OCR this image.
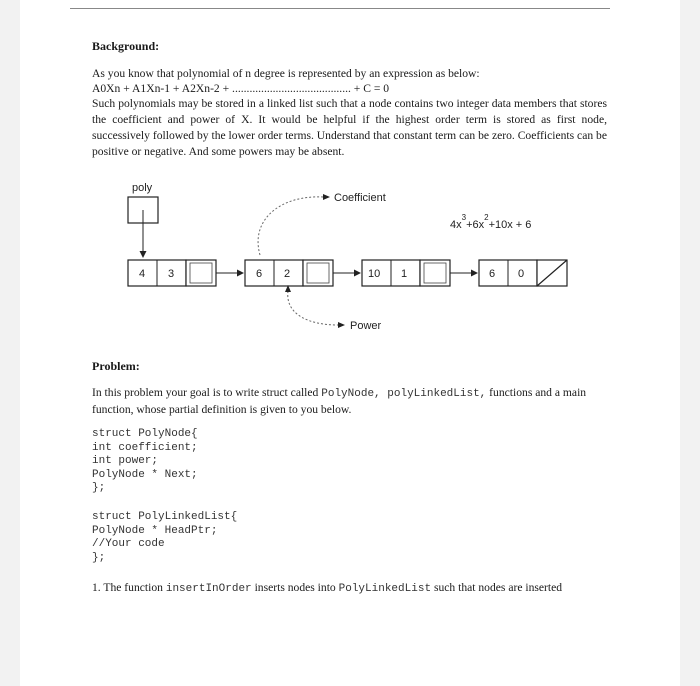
Background:

As you know that polynomial of n degree is represented by an expression as below:

A0Xn + A1Xn-1 + A2Xn-2 + ......................................... + C = 0

Such polynomials may be stored in a linked list such that a node contains two integer data members that stores the coefficient and power of X. It would be helpful if the highest order term is stored as first node, successively followed by the lower order terms. Understand that constant term can be zero. Coefficients can be positive or negative. And some powers may be absent.

poly
4 3	6 2	10 1	6 0
Coefficient
Power
$4x^3+6x^2+10x + 6$

Problem:

In this problem your goal is to write struct called PolyNode, polyLinkedList, functions and a main function, whose partial definition is given to you below.

struct PolyNode{
int coefficient;
int power;
PolyNode * Next;
};
struct PolyLinkedList{
PolyNode * HeadPtr;
//Your code
};

1. The function insertInOrder inserts nodes into PolyLinkedList such that nodes are inserted
